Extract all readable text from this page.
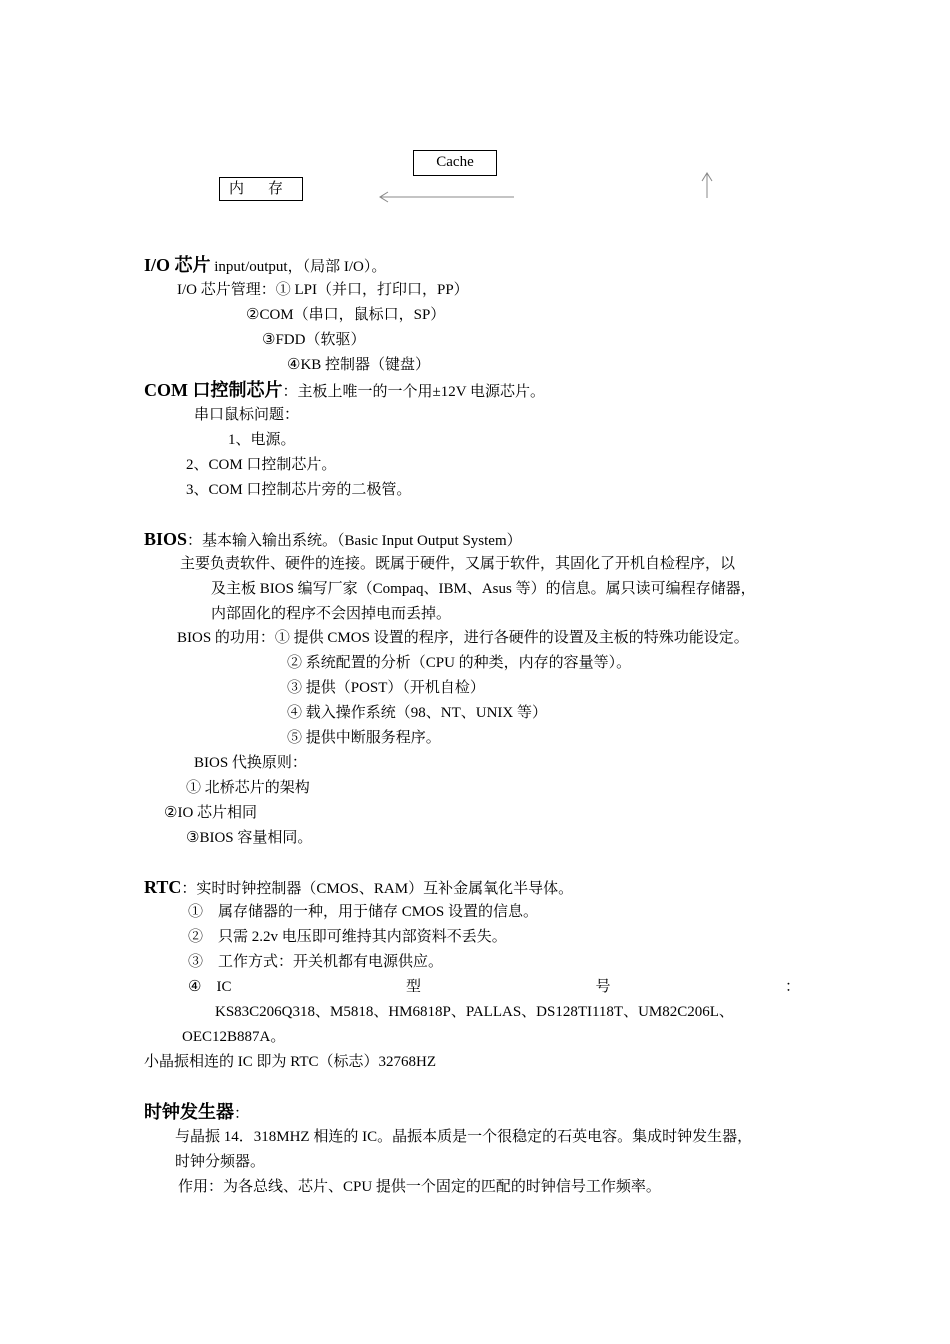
Cache
内 存
I/O 芯片 input/output，（局部 I/O）。
I/O 芯片管理：① LPI（并口，打印口，PP）
②COM（串口，鼠标口，SP）
③FDD（软驱）
④KB 控制器（键盘）
COM 口控制芯片：主板上唯一的一个用±12V 电源芯片。
串口鼠标问题：
1、电源。
2、COM 口控制芯片。
3、COM 口控制芯片旁的二极管。
BIOS：基本输入输出系统。（Basic Input Output System）
主要负责软件、硬件的连接。既属于硬件，又属于软件，其固化了开机自检程序，以
及主板 BIOS 编写厂家（Compaq、IBM、Asus 等）的信息。属只读可编程存储器，
内部固化的程序不会因掉电而丢掉。
BIOS 的功用：① 提供 CMOS 设置的程序，进行各硬件的设置及主板的特殊功能设定。
② 系统配置的分析（CPU 的种类，内存的容量等）。
③ 提供（POST）（开机自检）
④ 载入操作系统（98、NT、UNIX 等）
⑤ 提供中断服务程序。
BIOS 代换原则：
① 北桥芯片的架构
②IO 芯片相同
③BIOS 容量相同。
RTC：实时时钟控制器（CMOS、RAM）互补金属氧化半导体。
①　属存储器的一种，用于储存 CMOS 设置的信息。
②　只需 2.2v 电压即可维持其内部资料不丢失。
③　工作方式：开关机都有电源供应。
④　IC	型	号	：
KS83C206Q318、M5818、HM6818P、PALLAS、DS128TI118T、UM82C206L、
OEC12B887A。
小晶振相连的 IC 即为 RTC（标志）32768HZ
时钟发生器：
与晶振 14．318MHZ 相连的 IC。晶振本质是一个很稳定的石英电容。集成时钟发生器，
时钟分频器。
作用：为各总线、芯片、CPU 提供一个固定的匹配的时钟信号工作频率。
